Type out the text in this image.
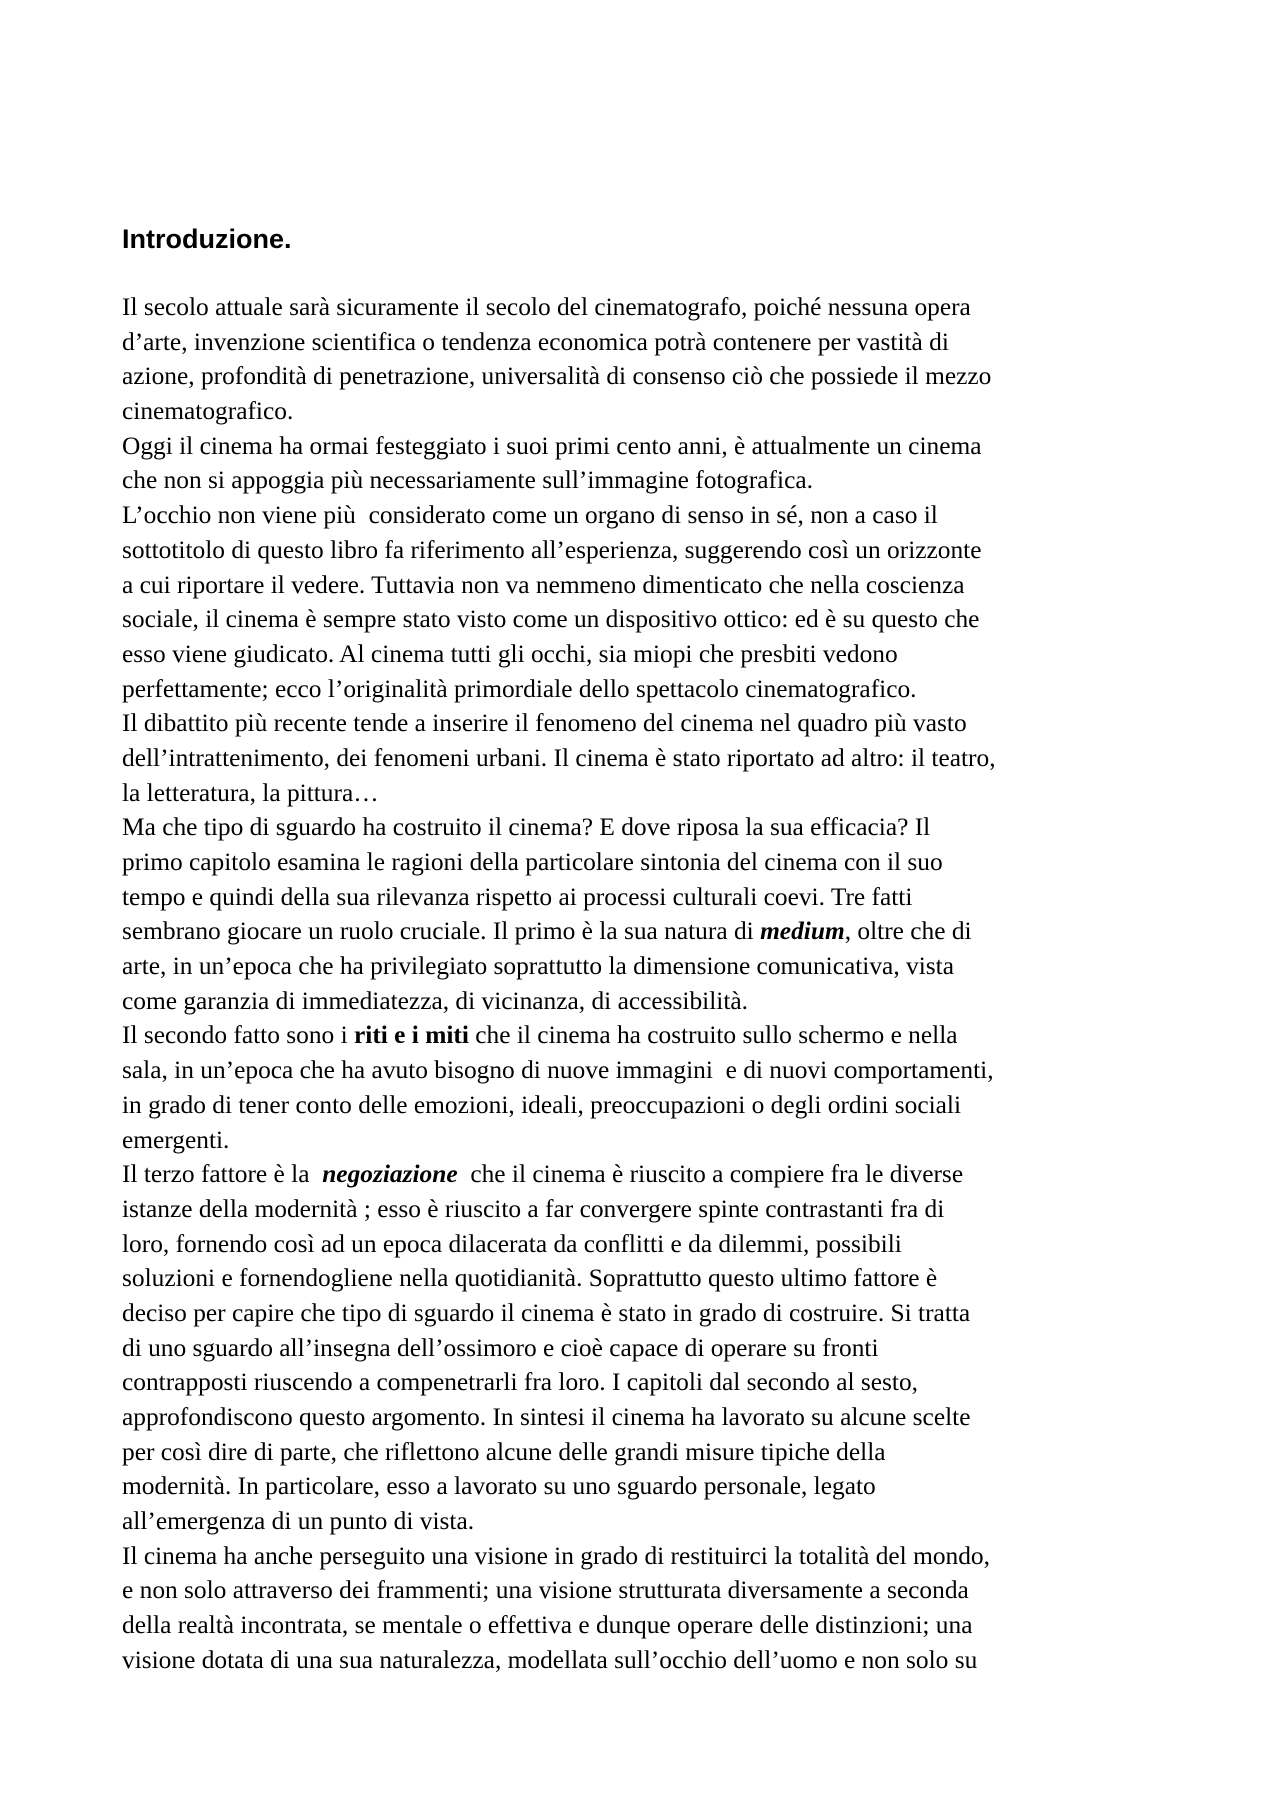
Introduzione.
Il secolo attuale sarà sicuramente il secolo del cinematografo, poiché nessuna opera
d’arte, invenzione scientifica o tendenza economica potrà contenere per vastità di
azione, profondità di penetrazione, universalità di consenso ciò che possiede il mezzo
cinematografico.
Oggi il cinema ha ormai festeggiato i suoi primi cento anni, è attualmente un cinema
che non si appoggia più necessariamente sull’immagine fotografica.
L’occhio non viene più  considerato come un organo di senso in sé, non a caso il
sottotitolo di questo libro fa riferimento all’esperienza, suggerendo così un orizzonte
a cui riportare il vedere. Tuttavia non va nemmeno dimenticato che nella coscienza
sociale, il cinema è sempre stato visto come un dispositivo ottico: ed è su questo che
esso viene giudicato. Al cinema tutti gli occhi, sia miopi che presbiti vedono
perfettamente; ecco l’originalità primordiale dello spettacolo cinematografico.
Il dibattito più recente tende a inserire il fenomeno del cinema nel quadro più vasto
dell’intrattenimento, dei fenomeni urbani. Il cinema è stato riportato ad altro: il teatro,
la letteratura, la pittura…
Ma che tipo di sguardo ha costruito il cinema? E dove riposa la sua efficacia? Il
primo capitolo esamina le ragioni della particolare sintonia del cinema con il suo
tempo e quindi della sua rilevanza rispetto ai processi culturali coevi. Tre fatti
sembrano giocare un ruolo cruciale. Il primo è la sua natura di medium, oltre che di
arte, in un’epoca che ha privilegiato soprattutto la dimensione comunicativa, vista
come garanzia di immediatezza, di vicinanza, di accessibilità.
Il secondo fatto sono i riti e i miti che il cinema ha costruito sullo schermo e nella
sala, in un’epoca che ha avuto bisogno di nuove immagini  e di nuovi comportamenti,
in grado di tener conto delle emozioni, ideali, preoccupazioni o degli ordini sociali
emergenti.
Il terzo fattore è la  negoziazione  che il cinema è riuscito a compiere fra le diverse
istanze della modernità ; esso è riuscito a far convergere spinte contrastanti fra di
loro, fornendo così ad un epoca dilacerata da conflitti e da dilemmi, possibili
soluzioni e fornendogliene nella quotidianità. Soprattutto questo ultimo fattore è
deciso per capire che tipo di sguardo il cinema è stato in grado di costruire. Si tratta
di uno sguardo all’insegna dell’ossimoro e cioè capace di operare su fronti
contrapposti riuscendo a compenetrarli fra loro. I capitoli dal secondo al sesto,
approfondiscono questo argomento. In sintesi il cinema ha lavorato su alcune scelte
per così dire di parte, che riflettono alcune delle grandi misure tipiche della
modernità. In particolare, esso a lavorato su uno sguardo personale, legato
all’emergenza di un punto di vista.
Il cinema ha anche perseguito una visione in grado di restituirci la totalità del mondo,
e non solo attraverso dei frammenti; una visione strutturata diversamente a seconda
della realtà incontrata, se mentale o effettiva e dunque operare delle distinzioni; una
visione dotata di una sua naturalezza, modellata sull’occhio dell’uomo e non solo su
